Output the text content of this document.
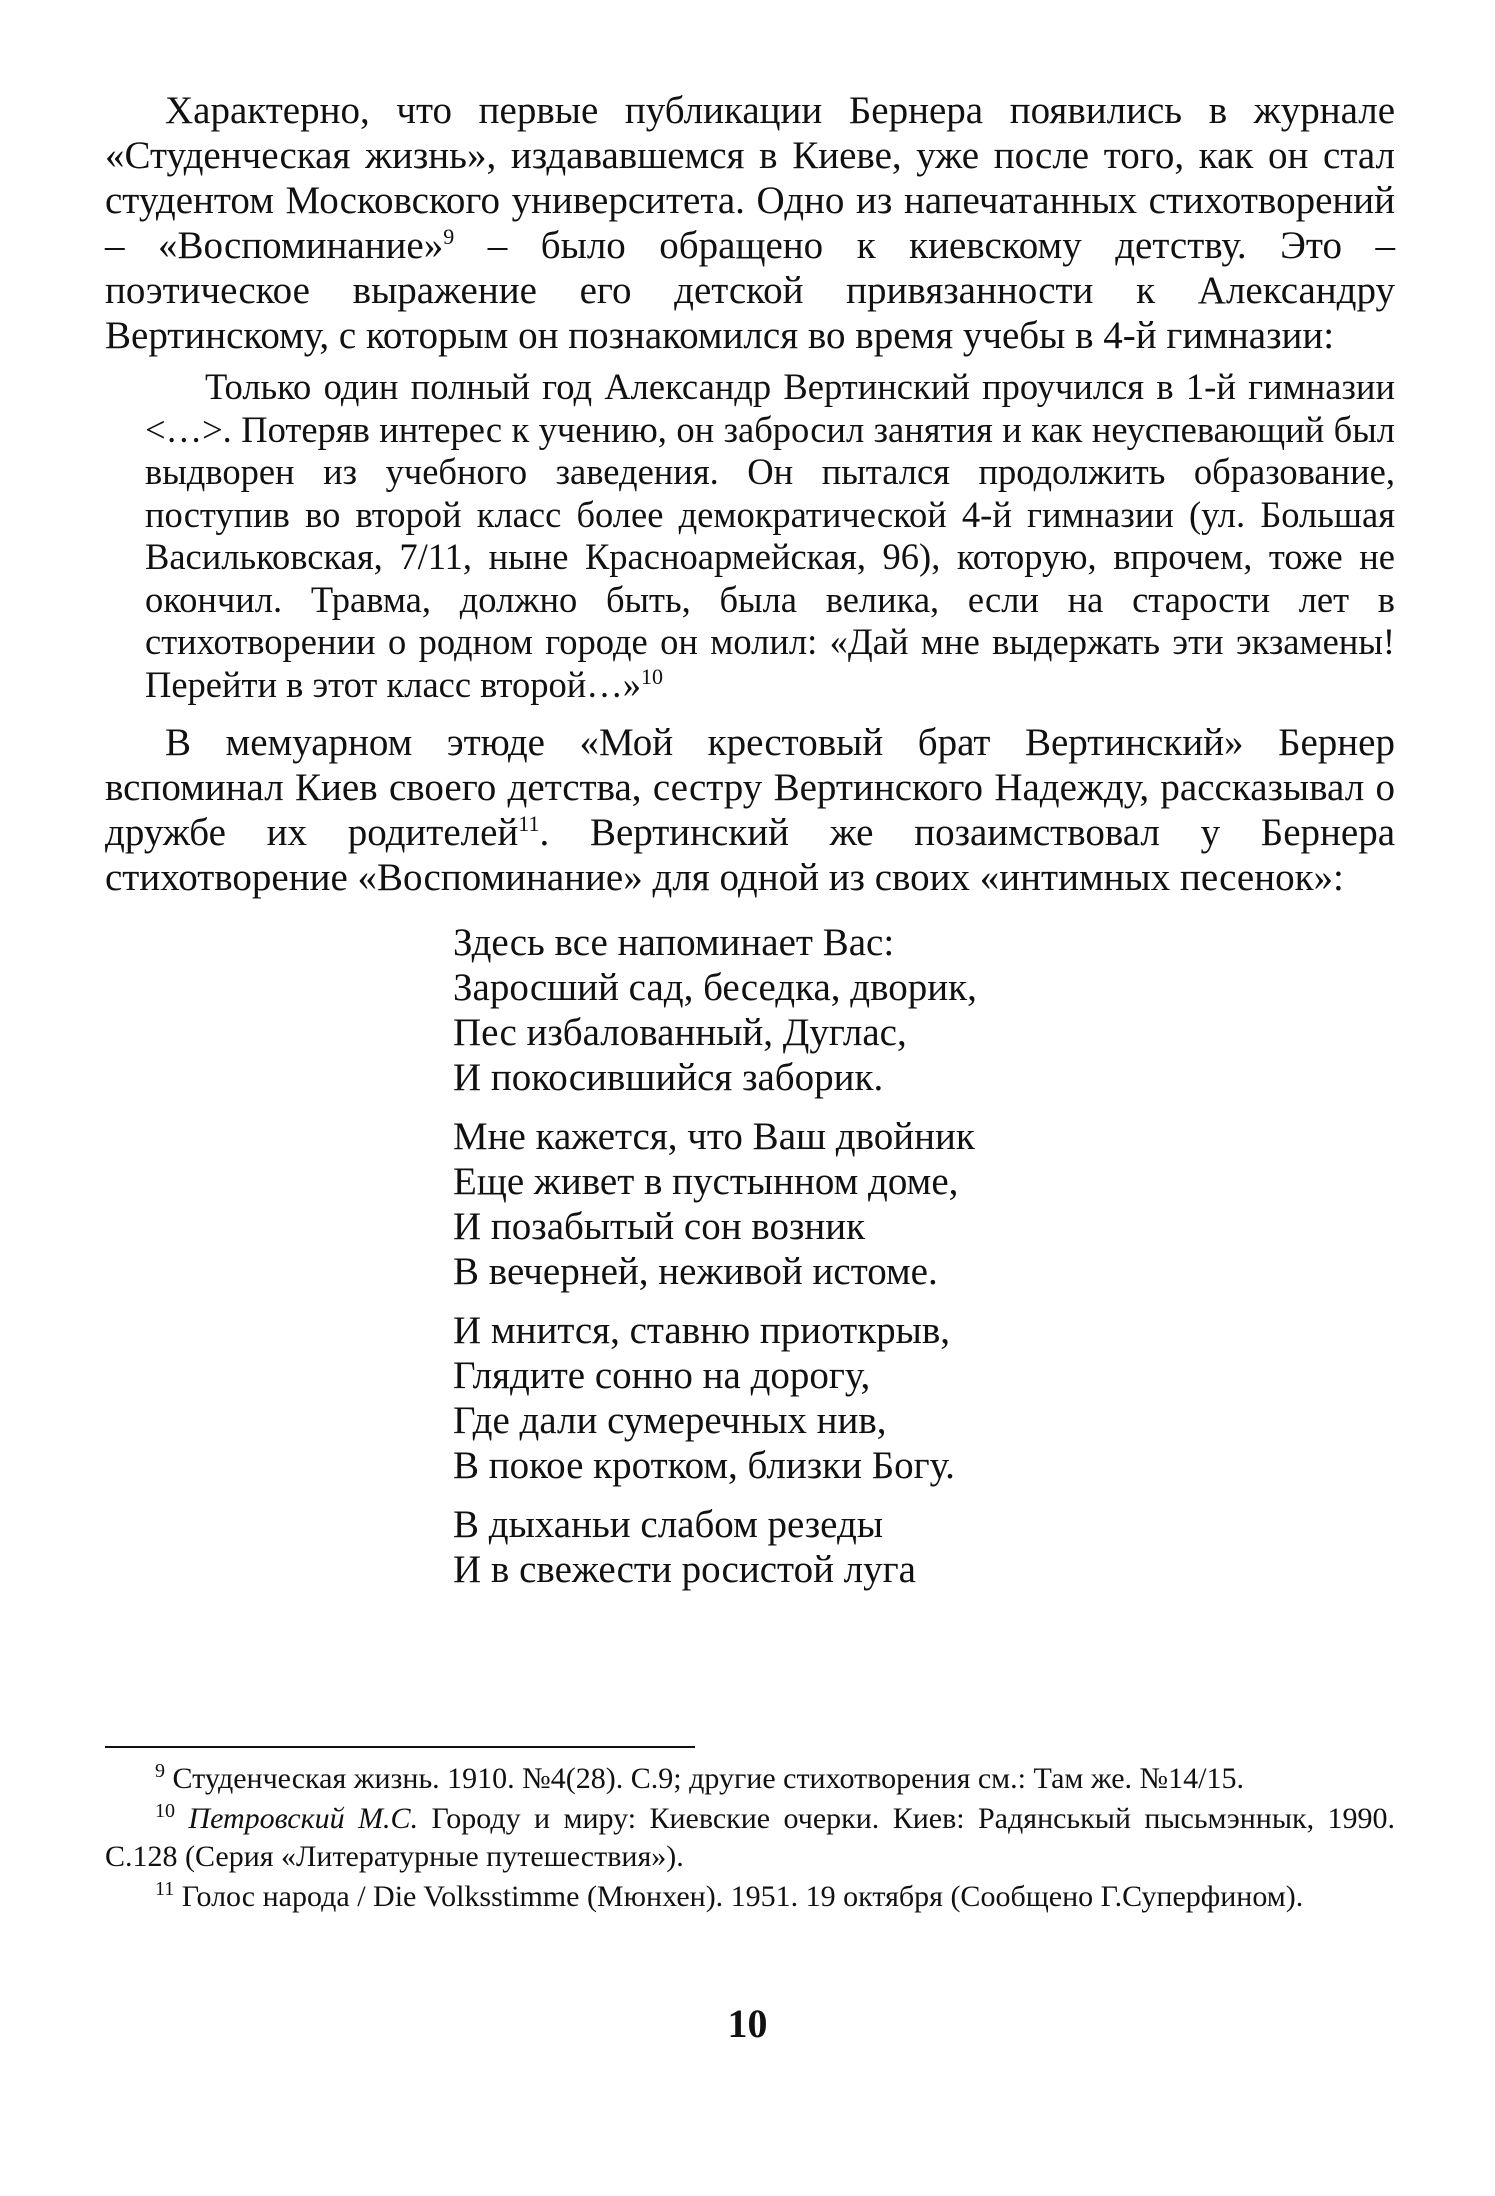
Характерно, что первые публикации Бернера появились в журнале «Студенческая жизнь», издававшемся в Киеве, уже после того, как он стал студентом Московского университета. Одно из напечатанных стихотворений – «Воспоминание»$^9$ – было обращено к киевскому детству. Это – поэтическое выражение его детской привязанности к Александру Вертинскому, с которым он познакомился во время учебы в 4-й гимназии:

Только один полный год Александр Вертинский проучился в 1-й гимназии <…>. Потеряв интерес к учению, он забросил занятия и как неуспевающий был выдворен из учебного заведения. Он пытался продолжить образование, поступив во второй класс более демократической 4-й гимназии (ул. Большая Васильковская, 7/11, ныне Красноармейская, 96), которую, впрочем, тоже не окончил. Травма, должно быть, была велика, если на старости лет в стихотворении о родном городе он молил: «Дай мне выдержать эти экзамены! Перейти в этот класс второй…»$^{10}$

В мемуарном этюде «Мой крестовый брат Вертинский» Бернер вспоминал Киев своего детства, сестру Вертинского Надежду, рассказывал о дружбе их родителей$^{11}$. Вертинский же позаимствовал у Бернера стихотворение «Воспоминание» для одной из своих «интимных песенок»:

Здесь все напоминает Вас:
Заросший сад, беседка, дворик,
Пес избалованный, Дуглас,
И покосившийся заборик.
Мне кажется, что Ваш двойник
Еще живет в пустынном доме,
И позабытый сон возник
В вечерней, неживой истоме.
И мнится, ставню приоткрыв,
Глядите сонно на дорогу,
Где дали сумеречных нив,
В покое кротком, близки Богу.
В дыханьи слабом резеды
И в свежести росистой луга

$^9$ Студенческая жизнь. 1910. №4(28). С.9; другие стихотворения см.: Там же. №14/15.

$^{10}$ Петровский М.С. Городу и миру: Киевские очерки. Киев: Радянськый пысьмэннык, 1990. С.128 (Серия «Литературные путешествия»).

$^{11}$ Голос народа / Die Volksstimme (Мюнхен). 1951. 19 октября (Сообщено Г.Суперфином).

10
